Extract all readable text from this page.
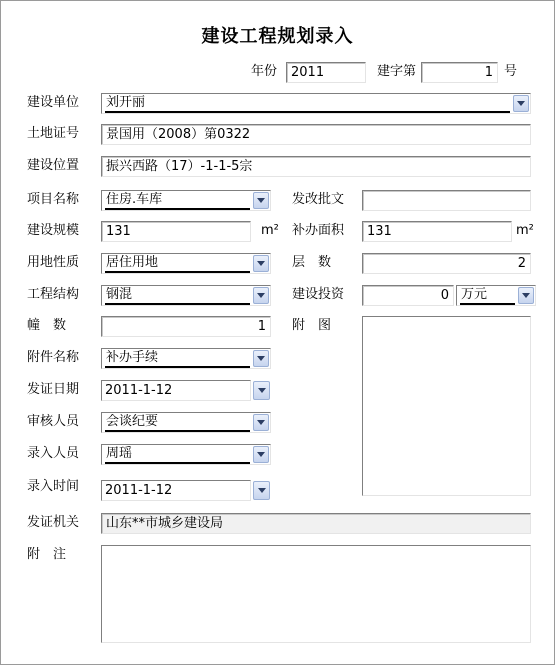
建设工程规划录入
年份	2011	建字第	1 号
建设单位 刘开丽
土地证号	景国用（2008）第0322
建设位置	振兴西路（17）-1-1-5宗
项目名称 住房.车库	发改批文
建设规模	131	m² 补办面积	131	m²
用地性质 居住用地	层　数	2
工程结构 钢混	建设投资	0 万元
幢　数	1	附　图
附件名称 补办手续
发证日期	2011-1-12
审核人员 会谈纪要
录入人员 周瑶
录入时间	2011-1-12
发证机关	山东**市城乡建设局
附　注
